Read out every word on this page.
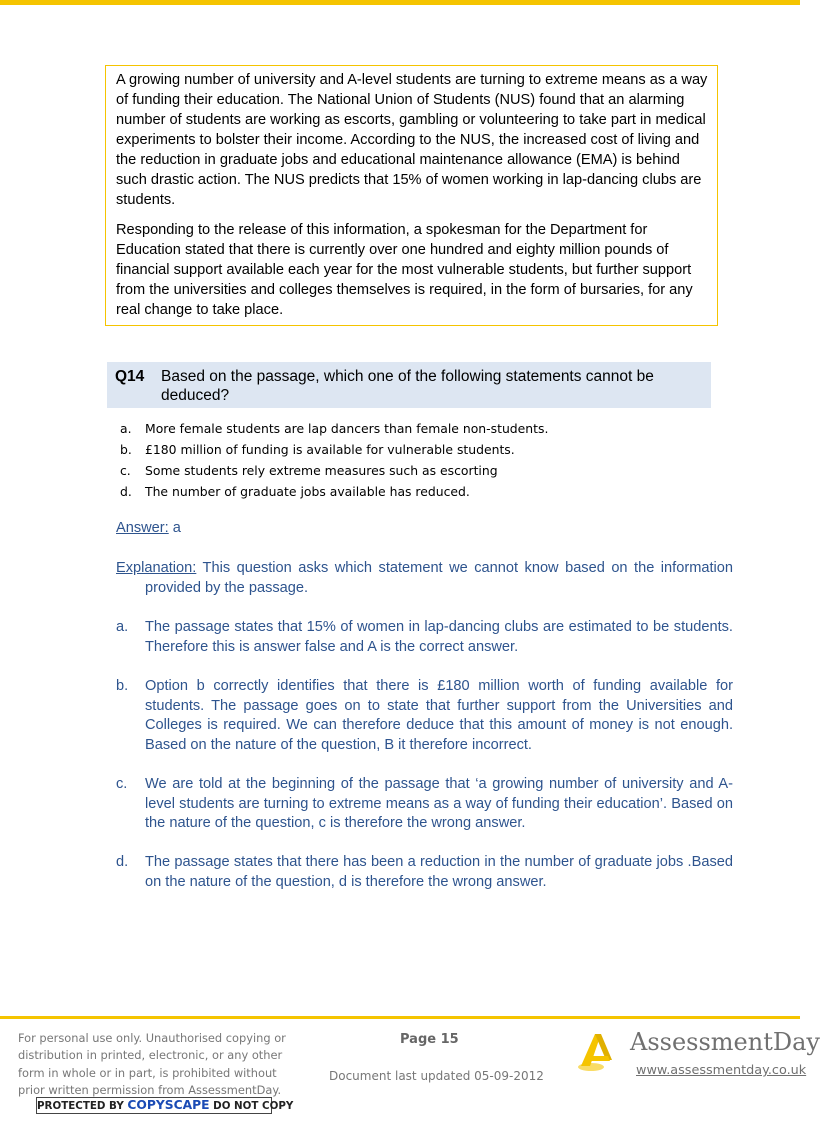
A growing number of university and A-level students are turning to extreme means as a way of funding their education. The National Union of Students (NUS) found that an alarming number of students are working as escorts, gambling or volunteering to take part in medical experiments to bolster their income. According to the NUS, the increased cost of living and the reduction in graduate jobs and educational maintenance allowance (EMA) is behind such drastic action. The NUS predicts that 15% of women working in lap-dancing clubs are students.

Responding to the release of this information, a spokesman for the Department for Education stated that there is currently over one hundred and eighty million pounds of financial support available each year for the most vulnerable students, but further support from the universities and colleges themselves is required, in the form of bursaries, for any real change to take place.

Q14 Based on the passage, which one of the following statements cannot be deduced?
a.	More female students are lap dancers than female non-students.
b.	£180 million of funding is available for vulnerable students.
c.	Some students rely extreme measures such as escorting
d.	The number of graduate jobs available has reduced.
Answer: a
Explanation: This question asks which statement we cannot know based on the information provided by the passage.
a. The passage states that 15% of women in lap-dancing clubs are estimated to be students. Therefore this is answer false and A is the correct answer.
b. Option b correctly identifies that there is £180 million worth of funding available for students. The passage goes on to state that further support from the Universities and Colleges is required. We can therefore deduce that this amount of money is not enough. Based on the nature of the question, B it therefore incorrect.
c. We are told at the beginning of the passage that ‘a growing number of university and A-level students are turning to extreme means as a way of funding their education’. Based on the nature of the question, c is therefore the wrong answer.
d. The passage states that there has been a reduction in the number of graduate jobs .Based on the nature of the question, d is therefore the wrong answer.
For personal use only. Unauthorised copying or distribution in printed, electronic, or any other form in whole or in part, is prohibited without prior written permission from AssessmentDay.
PROTECTED BY COPYSCAPE DO NOT COPY
Page 15
Document last updated 05-09-2012
AssessmentDay
www.assessmentday.co.uk
